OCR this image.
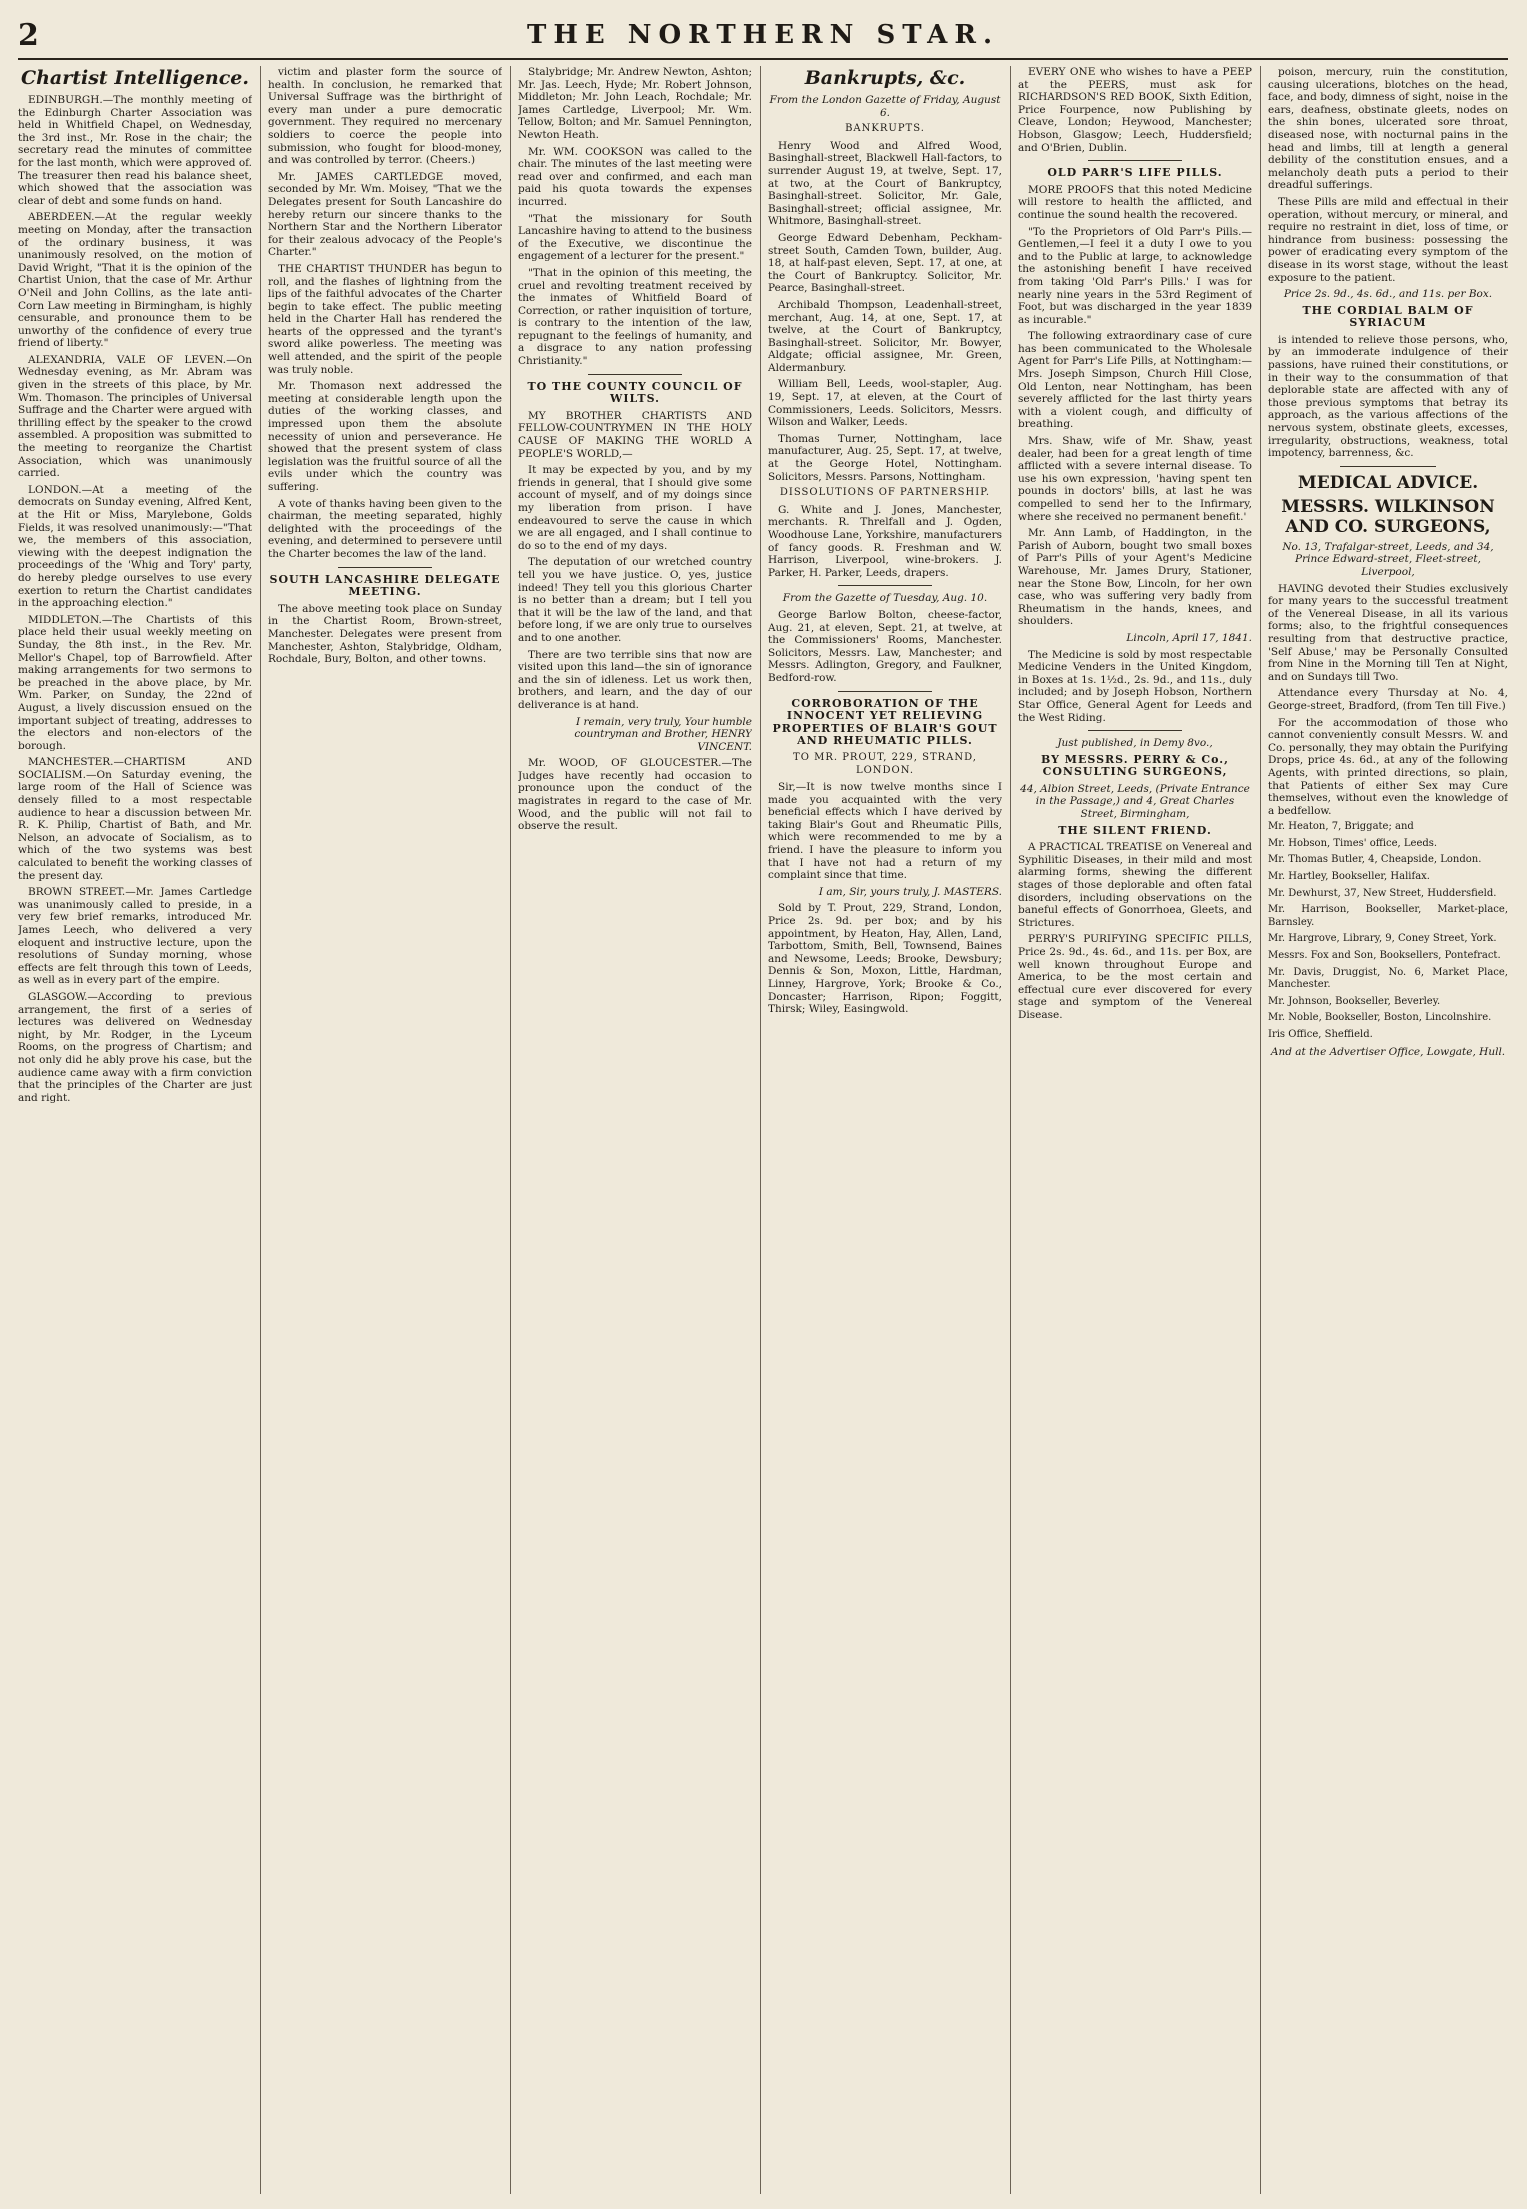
2	THE NORTHERN STAR.

Chartist Intelligence.

EDINBURGH.—The monthly meeting of the Edinburgh Charter Association was held in Whitfield Chapel, on Wednesday, the 3rd inst., Mr. Rose in the chair; the secretary read the minutes of committee for the last month, which were approved of. The treasurer then read his balance sheet, which showed that the association was clear of debt and some funds on hand.

ABERDEEN.—At the regular weekly meeting on Monday, after the transaction of the ordinary business, it was unanimously resolved, on the motion of David Wright, "That it is the opinion of the Chartist Union, that the case of Mr. Arthur O'Neil and John Collins, as the late anti-Corn Law meeting in Birmingham, is highly censurable, and pronounce them to be unworthy of the confidence of every true friend of liberty."

ALEXANDRIA, VALE OF LEVEN.—On Wednesday evening, as Mr. Abram was given in the streets of this place, by Mr. Wm. Thomason. The principles of Universal Suffrage and the Charter were argued with thrilling effect by the speaker to the crowd assembled. A proposition was submitted to the meeting to reorganize the Chartist Association, which was unanimously carried.

LONDON.—At a meeting of the democrats on Sunday evening, Alfred Kent, at the Hit or Miss, Marylebone, Golds Fields, it was resolved unanimously:—"That we, the members of this association, viewing with the deepest indignation the proceedings of the 'Whig and Tory' party, do hereby pledge ourselves to use every exertion to return the Chartist candidates in the approaching election."

MIDDLETON.—The Chartists of this place held their usual weekly meeting on Sunday, the 8th inst., in the Rev. Mr. Mellor's Chapel, top of Barrowfield. After making arrangements for two sermons to be preached in the above place, by Mr. Wm. Parker, on Sunday, the 22nd of August, a lively discussion ensued on the important subject of treating, addresses to the electors and non-electors of the borough.

MANCHESTER.—CHARTISM AND SOCIALISM.—On Saturday evening, the large room of the Hall of Science was densely filled to a most respectable audience to hear a discussion between Mr. R. K. Philip, Chartist of Bath, and Mr. Nelson, an advocate of Socialism, as to which of the two systems was best calculated to benefit the working classes of the present day.

BROWN STREET.—Mr. James Cartledge was unanimously called to preside, in a very few brief remarks, introduced Mr. James Leech, who delivered a very eloquent and instructive lecture, upon the resolutions of Sunday morning, whose effects are felt through this town of Leeds, as well as in every part of the empire.

GLASGOW.—According to previous arrangement, the first of a series of lectures was delivered on Wednesday night, by Mr. Rodger, in the Lyceum Rooms, on the progress of Chartism; and not only did he ably prove his case, but the audience came away with a firm conviction that the principles of the Charter are just and right.

victim and plaster form the source of health. In conclusion, he remarked that Universal Suffrage was the birthright of every man under a pure democratic government. They required no mercenary soldiers to coerce the people into submission, who fought for blood-money, and was controlled by terror. (Cheers.)

Mr. JAMES CARTLEDGE moved, seconded by Mr. Wm. Moisey, "That we the Delegates present for South Lancashire do hereby return our sincere thanks to the Northern Star and the Northern Liberator for their zealous advocacy of the People's Charter."

THE CHARTIST THUNDER has begun to roll, and the flashes of lightning from the lips of the faithful advocates of the Charter begin to take effect. The public meeting held in the Charter Hall has rendered the hearts of the oppressed and the tyrant's sword alike powerless. The meeting was well attended, and the spirit of the people was truly noble.

Mr. Thomason next addressed the meeting at considerable length upon the duties of the working classes, and impressed upon them the absolute necessity of union and perseverance. He showed that the present system of class legislation was the fruitful source of all the evils under which the country was suffering.

A vote of thanks having been given to the chairman, the meeting separated, highly delighted with the proceedings of the evening, and determined to persevere until the Charter becomes the law of the land.

SOUTH LANCASHIRE DELEGATE MEETING.

The above meeting took place on Sunday in the Chartist Room, Brown-street, Manchester. Delegates were present from Manchester, Ashton, Stalybridge, Oldham, Rochdale, Bury, Bolton, and other towns.

Stalybridge; Mr. Andrew Newton, Ashton; Mr. Jas. Leech, Hyde; Mr. Robert Johnson, Middleton; Mr. John Leach, Rochdale; Mr. James Cartledge, Liverpool; Mr. Wm. Tellow, Bolton; and Mr. Samuel Pennington, Newton Heath.

Mr. WM. COOKSON was called to the chair. The minutes of the last meeting were read over and confirmed, and each man paid his quota towards the expenses incurred.

"That the missionary for South Lancashire having to attend to the business of the Executive, we discontinue the engagement of a lecturer for the present."

"That in the opinion of this meeting, the cruel and revolting treatment received by the inmates of Whitfield Board of Correction, or rather inquisition of torture, is contrary to the intention of the law, repugnant to the feelings of humanity, and a disgrace to any nation professing Christianity."

TO THE COUNTY COUNCIL OF WILTS.

MY BROTHER CHARTISTS AND FELLOW-COUNTRYMEN IN THE HOLY CAUSE OF MAKING THE WORLD A PEOPLE'S WORLD,—

It may be expected by you, and by my friends in general, that I should give some account of myself, and of my doings since my liberation from prison. I have endeavoured to serve the cause in which we are all engaged, and I shall continue to do so to the end of my days.

The deputation of our wretched country tell you we have justice. O, yes, justice indeed! They tell you this glorious Charter is no better than a dream; but I tell you that it will be the law of the land, and that before long, if we are only true to ourselves and to one another.

There are two terrible sins that now are visited upon this land—the sin of ignorance and the sin of idleness. Let us work then, brothers, and learn, and the day of our deliverance is at hand.

I remain, very truly, Your humble countryman and Brother, HENRY VINCENT.

Mr. WOOD, OF GLOUCESTER.—The Judges have recently had occasion to pronounce upon the conduct of the magistrates in regard to the case of Mr. Wood, and the public will not fail to observe the result.

Bankrupts, &c.

From the London Gazette of Friday, August 6.

BANKRUPTS.

Henry Wood and Alfred Wood, Basinghall-street, Blackwell Hall-factors, to surrender August 19, at twelve, Sept. 17, at two, at the Court of Bankruptcy, Basinghall-street. Solicitor, Mr. Gale, Basinghall-street; official assignee, Mr. Whitmore, Basinghall-street.

George Edward Debenham, Peckham-street South, Camden Town, builder, Aug. 18, at half-past eleven, Sept. 17, at one, at the Court of Bankruptcy. Solicitor, Mr. Pearce, Basinghall-street.

Archibald Thompson, Leadenhall-street, merchant, Aug. 14, at one, Sept. 17, at twelve, at the Court of Bankruptcy, Basinghall-street. Solicitor, Mr. Bowyer, Aldgate; official assignee, Mr. Green, Aldermanbury.

William Bell, Leeds, wool-stapler, Aug. 19, Sept. 17, at eleven, at the Court of Commissioners, Leeds. Solicitors, Messrs. Wilson and Walker, Leeds.

Thomas Turner, Nottingham, lace manufacturer, Aug. 25, Sept. 17, at twelve, at the George Hotel, Nottingham. Solicitors, Messrs. Parsons, Nottingham.

DISSOLUTIONS OF PARTNERSHIP.

G. White and J. Jones, Manchester, merchants. R. Threlfall and J. Ogden, Woodhouse Lane, Yorkshire, manufacturers of fancy goods. R. Freshman and W. Harrison, Liverpool, wine-brokers. J. Parker, H. Parker, Leeds, drapers.

From the Gazette of Tuesday, Aug. 10.

George Barlow Bolton, cheese-factor, Aug. 21, at eleven, Sept. 21, at twelve, at the Commissioners' Rooms, Manchester. Solicitors, Messrs. Law, Manchester; and Messrs. Adlington, Gregory, and Faulkner, Bedford-row.

CORROBORATION OF THE INNOCENT YET RELIEVING PROPERTIES OF BLAIR'S GOUT AND RHEUMATIC PILLS.

TO MR. PROUT, 229, STRAND, LONDON.

Sir,—It is now twelve months since I made you acquainted with the very beneficial effects which I have derived by taking Blair's Gout and Rheumatic Pills, which were recommended to me by a friend. I have the pleasure to inform you that I have not had a return of my complaint since that time.

I am, Sir, yours truly, J. MASTERS.

Sold by T. Prout, 229, Strand, London, Price 2s. 9d. per box; and by his appointment, by Heaton, Hay, Allen, Land, Tarbottom, Smith, Bell, Townsend, Baines and Newsome, Leeds; Brooke, Dewsbury; Dennis & Son, Moxon, Little, Hardman, Linney, Hargrove, York; Brooke & Co., Doncaster; Harrison, Ripon; Foggitt, Thirsk; Wiley, Easingwold.

EVERY ONE who wishes to have a PEEP at the PEERS, must ask for RICHARDSON'S RED BOOK, Sixth Edition, Price Fourpence, now Publishing by Cleave, London; Heywood, Manchester; Hobson, Glasgow; Leech, Huddersfield; and O'Brien, Dublin.

OLD PARR'S LIFE PILLS.

MORE PROOFS that this noted Medicine will restore to health the afflicted, and continue the sound health the recovered.

"To the Proprietors of Old Parr's Pills.—Gentlemen,—I feel it a duty I owe to you and to the Public at large, to acknowledge the astonishing benefit I have received from taking 'Old Parr's Pills.' I was for nearly nine years in the 53rd Regiment of Foot, but was discharged in the year 1839 as incurable."

The following extraordinary case of cure has been communicated to the Wholesale Agent for Parr's Life Pills, at Nottingham:—Mrs. Joseph Simpson, Church Hill Close, Old Lenton, near Nottingham, has been severely afflicted for the last thirty years with a violent cough, and difficulty of breathing.

Mrs. Shaw, wife of Mr. Shaw, yeast dealer, had been for a great length of time afflicted with a severe internal disease. To use his own expression, 'having spent ten pounds in doctors' bills, at last he was compelled to send her to the Infirmary, where she received no permanent benefit.'

Mr. Ann Lamb, of Haddington, in the Parish of Auborn, bought two small boxes of Parr's Pills of your Agent's Medicine Warehouse, Mr. James Drury, Stationer, near the Stone Bow, Lincoln, for her own case, who was suffering very badly from Rheumatism in the hands, knees, and shoulders.

Lincoln, April 17, 1841.

The Medicine is sold by most respectable Medicine Venders in the United Kingdom, in Boxes at 1s. 1½d., 2s. 9d., and 11s., duly included; and by Joseph Hobson, Northern Star Office, General Agent for Leeds and the West Riding.

Just published, in Demy 8vo.,

BY MESSRS. PERRY & Co., CONSULTING SURGEONS,

44, Albion Street, Leeds, (Private Entrance in the Passage,) and 4, Great Charles Street, Birmingham,

THE SILENT FRIEND.

A PRACTICAL TREATISE on Venereal and Syphilitic Diseases, in their mild and most alarming forms, shewing the different stages of those deplorable and often fatal disorders, including observations on the baneful effects of Gonorrhoea, Gleets, and Strictures.

PERRY'S PURIFYING SPECIFIC PILLS, Price 2s. 9d., 4s. 6d., and 11s. per Box, are well known throughout Europe and America, to be the most certain and effectual cure ever discovered for every stage and symptom of the Venereal Disease.

poison, mercury, ruin the constitution, causing ulcerations, blotches on the head, face, and body, dimness of sight, noise in the ears, deafness, obstinate gleets, nodes on the shin bones, ulcerated sore throat, diseased nose, with nocturnal pains in the head and limbs, till at length a general debility of the constitution ensues, and a melancholy death puts a period to their dreadful sufferings.

These Pills are mild and effectual in their operation, without mercury, or mineral, and require no restraint in diet, loss of time, or hindrance from business: possessing the power of eradicating every symptom of the disease in its worst stage, without the least exposure to the patient.

Price 2s. 9d., 4s. 6d., and 11s. per Box.

THE CORDIAL BALM OF SYRIACUM

is intended to relieve those persons, who, by an immoderate indulgence of their passions, have ruined their constitutions, or in their way to the consummation of that deplorable state are affected with any of those previous symptoms that betray its approach, as the various affections of the nervous system, obstinate gleets, excesses, irregularity, obstructions, weakness, total impotency, barrenness, &c.

MEDICAL ADVICE.

MESSRS. WILKINSON AND CO. SURGEONS,

No. 13, Trafalgar-street, Leeds, and 34, Prince Edward-street, Fleet-street, Liverpool,

HAVING devoted their Studies exclusively for many years to the successful treatment of the Venereal Disease, in all its various forms; also, to the frightful consequences resulting from that destructive practice, 'Self Abuse,' may be Personally Consulted from Nine in the Morning till Ten at Night, and on Sundays till Two.

Attendance every Thursday at No. 4, George-street, Bradford, (from Ten till Five.)

For the accommodation of those who cannot conveniently consult Messrs. W. and Co. personally, they may obtain the Purifying Drops, price 4s. 6d., at any of the following Agents, with printed directions, so plain, that Patients of either Sex may Cure themselves, without even the knowledge of a bedfellow.

Mr. Heaton, 7, Briggate; and

Mr. Hobson, Times' office, Leeds.

Mr. Thomas Butler, 4, Cheapside, London.

Mr. Hartley, Bookseller, Halifax.

Mr. Dewhurst, 37, New Street, Huddersfield.

Mr. Harrison, Bookseller, Market-place, Barnsley.

Mr. Hargrove, Library, 9, Coney Street, York.

Messrs. Fox and Son, Booksellers, Pontefract.

Mr. Davis, Druggist, No. 6, Market Place, Manchester.

Mr. Johnson, Bookseller, Beverley.

Mr. Noble, Bookseller, Boston, Lincolnshire.

Iris Office, Sheffield.

And at the Advertiser Office, Lowgate, Hull.
